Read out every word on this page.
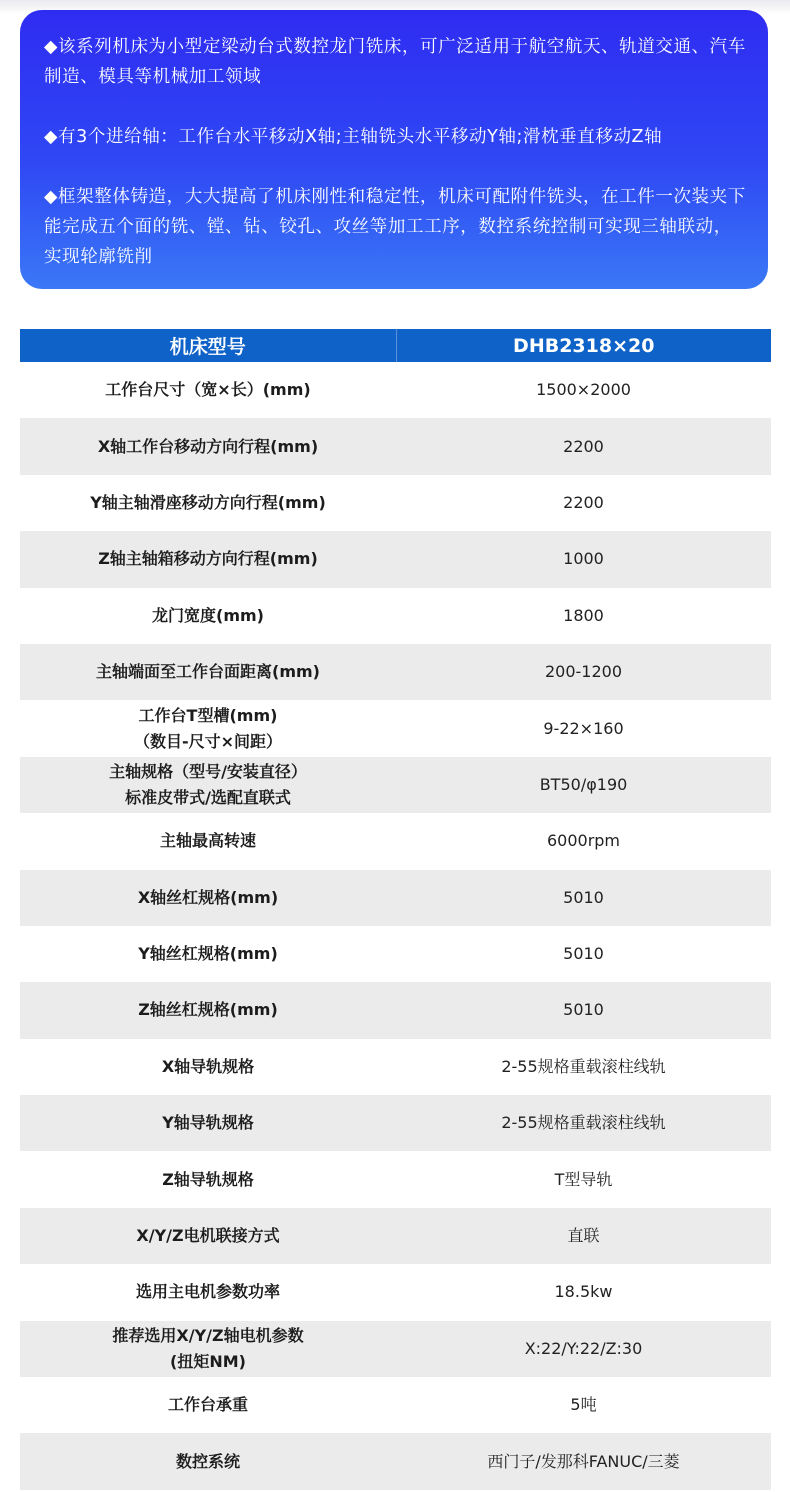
◆该系列机床为小型定梁动台式数控龙门铣床，可广泛适用于航空航天、轨道交通、汽车制造、模具等机械加工领域

◆有3个进给轴：工作台水平移动X轴;主轴铣头水平移动Y轴;滑枕垂直移动Z轴

◆框架整体铸造，大大提高了机床刚性和稳定性，机床可配附件铣头，在工件一次装夹下能完成五个面的铣、镗、钻、铰孔、攻丝等加工工序，数控系统控制可实现三轴联动，实现轮廓铣削

机床型号	DHB2318×20

工作台尺寸（宽×长）(mm)	1500×2000

X轴工作台移动方向行程(mm)	2200

Y轴主轴滑座移动方向行程(mm)	2200

Z轴主轴箱移动方向行程(mm)	1000

龙门宽度(mm)	1800

主轴端面至工作台面距离(mm)	200-1200

工作台T型槽(mm)
（数目-尺寸×间距）	9-22×160

主轴规格（型号/安装直径）
标准皮带式/选配直联式	BT50/φ190

主轴最高转速	6000rpm

X轴丝杠规格(mm)	5010

Y轴丝杠规格(mm)	5010

Z轴丝杠规格(mm)	5010

X轴导轨规格	2-55规格重载滚柱线轨

Y轴导轨规格	2-55规格重载滚柱线轨

Z轴导轨规格	T型导轨

X/Y/Z电机联接方式	直联

选用主电机参数功率	18.5kw

推荐选用X/Y/Z轴电机参数
(扭矩NM)	X:22/Y:22/Z:30

工作台承重	5吨

数控系统	西门子/发那科FANUC/三菱
